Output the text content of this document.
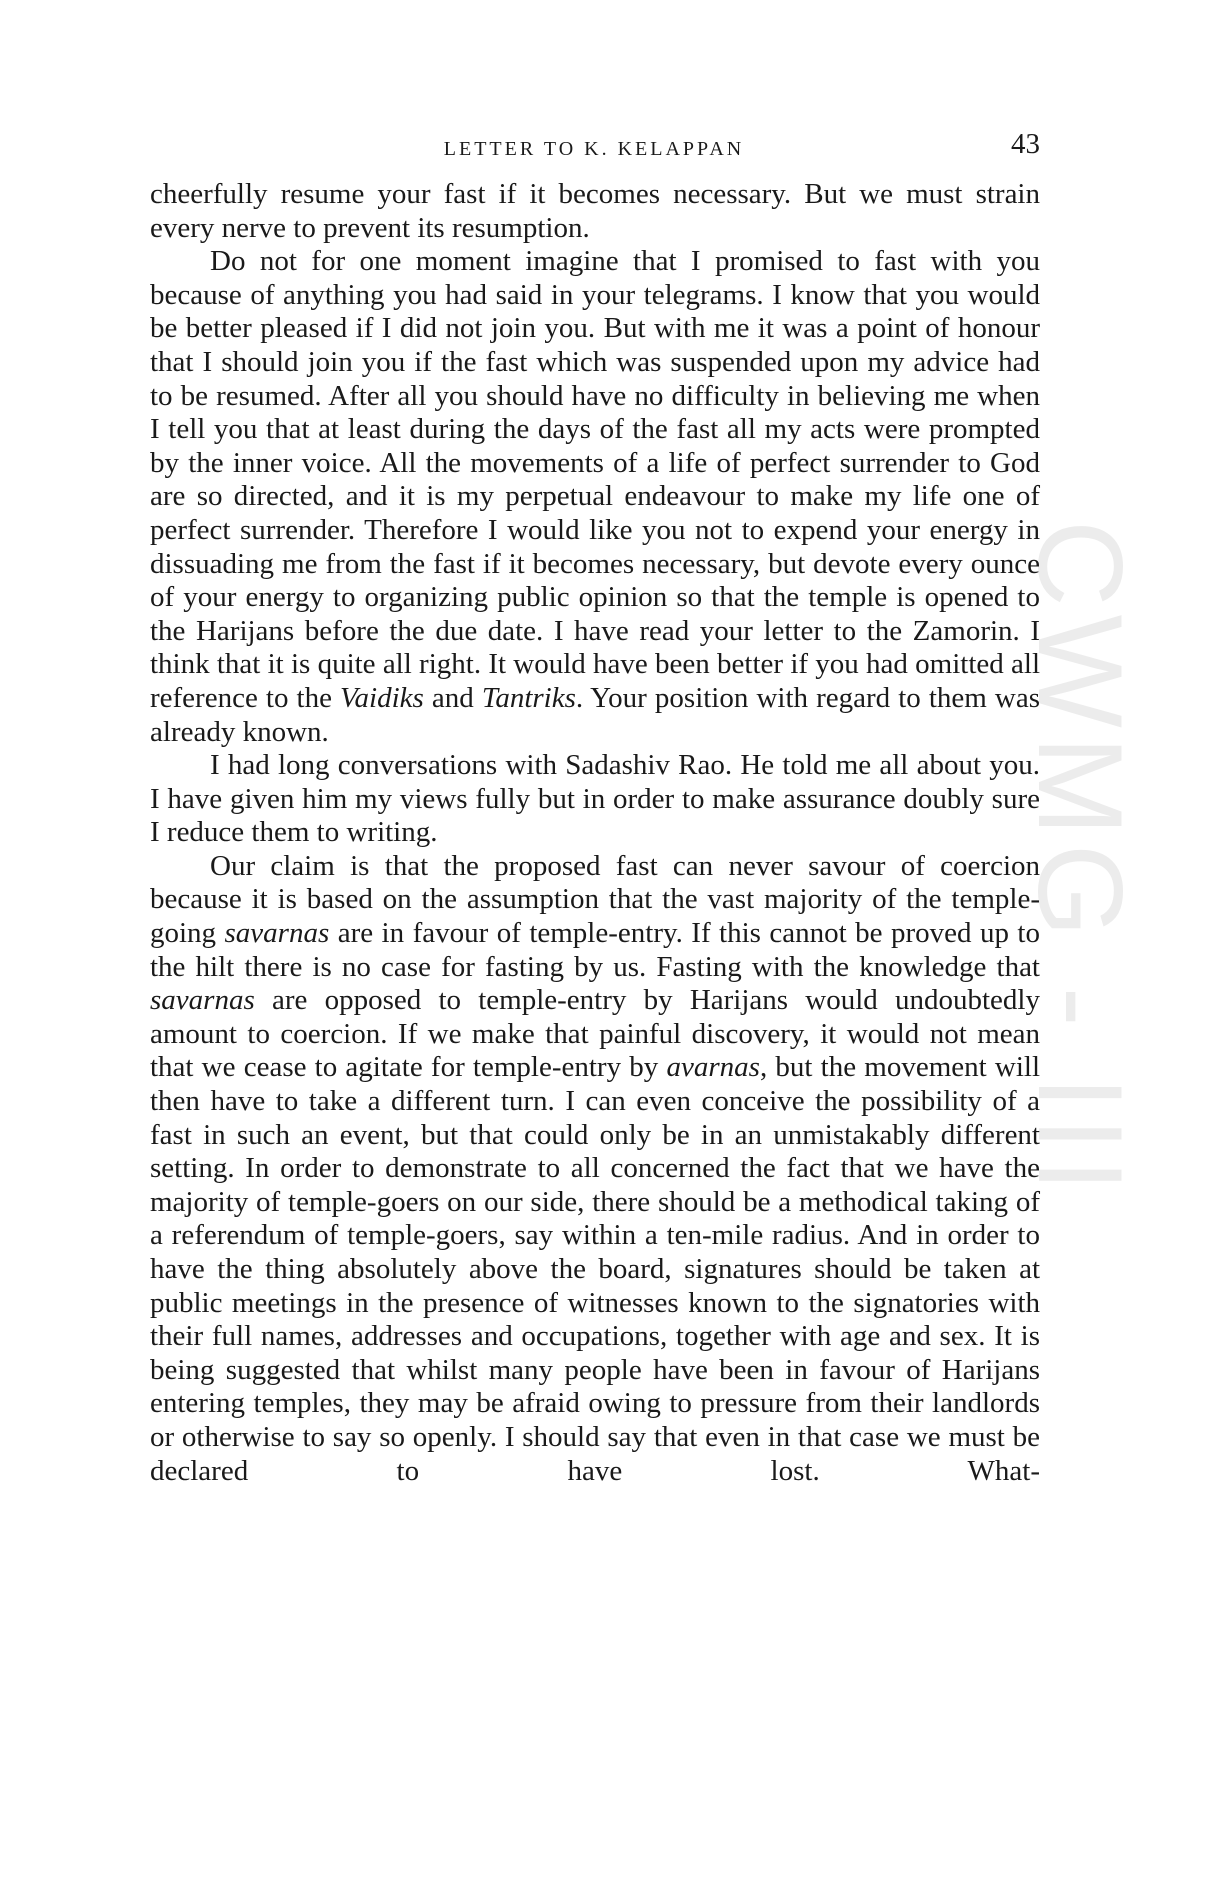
CWMG - III
LETTER TO K. KELAPPAN	43

cheerfully resume your fast if it becomes necessary. But we must strain every nerve to prevent its resumption.

Do not for one moment imagine that I promised to fast with you because of anything you had said in your telegrams. I know that you would be better pleased if I did not join you. But with me it was a point of honour that I should join you if the fast which was suspended upon my advice had to be resumed. After all you should have no difficulty in believing me when I tell you that at least during the days of the fast all my acts were prompted by the inner voice. All the movements of a life of perfect surrender to God are so directed, and it is my perpetual endeavour to make my life one of perfect surrender. Therefore I would like you not to expend your energy in dissuading me from the fast if it becomes necessary, but devote every ounce of your energy to organizing public opinion so that the temple is opened to the Harijans before the due date. I have read your letter to the Zamorin. I think that it is quite all right. It would have been better if you had omitted all reference to the Vaidiks and Tantriks. Your position with regard to them was already known.

I had long conversations with Sadashiv Rao. He told me all about you. I have given him my views fully but in order to make assurance doubly sure I reduce them to writing.

Our claim is that the proposed fast can never savour of coercion because it is based on the assumption that the vast majority of the temple-going savarnas are in favour of temple-entry. If this cannot be proved up to the hilt there is no case for fasting by us. Fasting with the knowledge that savarnas are opposed to temple-entry by Harijans would undoubtedly amount to coercion. If we make that painful discovery, it would not mean that we cease to agitate for temple-entry by avarnas, but the movement will then have to take a different turn. I can even conceive the possibility of a fast in such an event, but that could only be in an unmistakably different setting. In order to demonstrate to all concerned the fact that we have the majority of temple-goers on our side, there should be a methodical taking of a referendum of temple-goers, say within a ten-mile radius. And in order to have the thing absolutely above the board, signatures should be taken at public meetings in the presence of witnesses known to the signatories with their full names, addresses and occupations, together with age and sex. It is being suggested that whilst many people have been in favour of Harijans entering temples, they may be afraid owing to pressure from their landlords or otherwise to say so openly. I should say that even in that case we must be declared to have lost. What-
